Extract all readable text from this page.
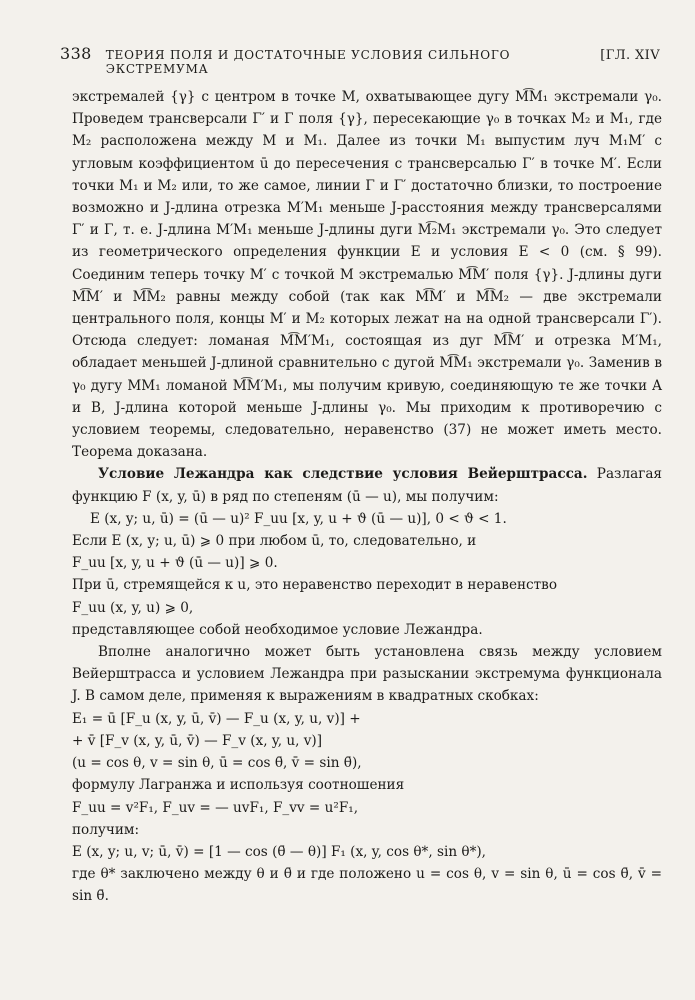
338 ТЕОРИЯ ПОЛЯ И ДОСТАТОЧНЫЕ УСЛОВИЯ СИЛЬНОГО ЭКСТРЕМУМА
[ГЛ. XIV

экстремалей {γ} с центром в точке M, охватывающее дугу M͡M₁ экстремали γ₀. Проведем трансверсали Γ′ и Γ поля {γ}, пересекающие γ₀ в точках M₂ и M₁, где M₂ расположена между M и M₁. Далее из точки M₁ выпустим луч M₁M′ с угловым коэффициентом ū до пересечения с трансверсалью Γ′ в точке M′. Если точки M₁ и M₂ или, то же самое, линии Γ и Γ′ достаточно близки, то построение возможно и J-длина отрезка M′M₁ меньше J-расстояния между трансверсалями Γ′ и Γ, т. е. J-длина M′M₁ меньше J-длины дуги M͡₂M₁ экстремали γ₀. Это следует из геометрического определения функции E и условия E < 0 (см. § 99). Соединим теперь точку M′ с точкой M экстремалью M͡M′ поля {γ}. J-длины дуги M͡M′ и M͡M₂ равны между собой (так как M͡M′ и M͡M₂ — две экстремали центрального поля, концы M′ и M₂ которых лежат на на одной трансверсали Γ′). Отсюда следует: ломаная M͡M′M₁, состоящая из дуг M͡M′ и отрезка M′M₁, обладает меньшей J-длиной сравнительно с дугой M͡M₁ экстремали γ₀. Заменив в γ₀ дугу MM₁ ломаной M͡M′M₁, мы получим кривую, соединяющую те же точки A и B, J-длина которой меньше J-длины γ₀. Мы приходим к противоречию с условием теоремы, следовательно, неравенство (37) не может иметь место. Теорема доказана.

Условие Лежандра как следствие условия Вейерштрасса. Разлагая функцию F (x, y, ū) в ряд по степеням (ū — u), мы получим:

E (x, y; u, ū) = (ū — u)² F_uu [x, y, u + ϑ (ū — u)], 0 < ϑ < 1.

Если E (x, y; u, ū) ⩾ 0 при любом ū, то, следовательно, и

F_uu [x, y, u + ϑ (ū — u)] ⩾ 0.

При ū, стремящейся к u, это неравенство переходит в неравенство

F_uu (x, y, u) ⩾ 0,

представляющее собой необходимое условие Лежандра.

Вполне аналогично может быть установлена связь между условием Вейерштрасса и условием Лежандра при разыскании экстремума функционала J. В самом деле, применяя к выражениям в квадратных скобках:

E₁ = ū [F_u (x, y, ū, v̄) — F_u (x, y, u, v)] +

+ v̄ [F_v (x, y, ū, v̄) — F_v (x, y, u, v)]

(u = cos θ, v = sin θ, ū = cos θ̄, v̄ = sin θ̄),

формулу Лагранжа и используя соотношения

F_uu = v²F₁, F_uv = — uvF₁, F_vv = u²F₁,

получим:

E (x, y; u, v; ū, v̄) = [1 — cos (θ̄ — θ)] F₁ (x, y, cos θ*, sin θ*),

где θ* заключено между θ и θ̄ и где положено u = cos θ, v = sin θ, ū = cos θ̄, v̄ = sin θ̄.
